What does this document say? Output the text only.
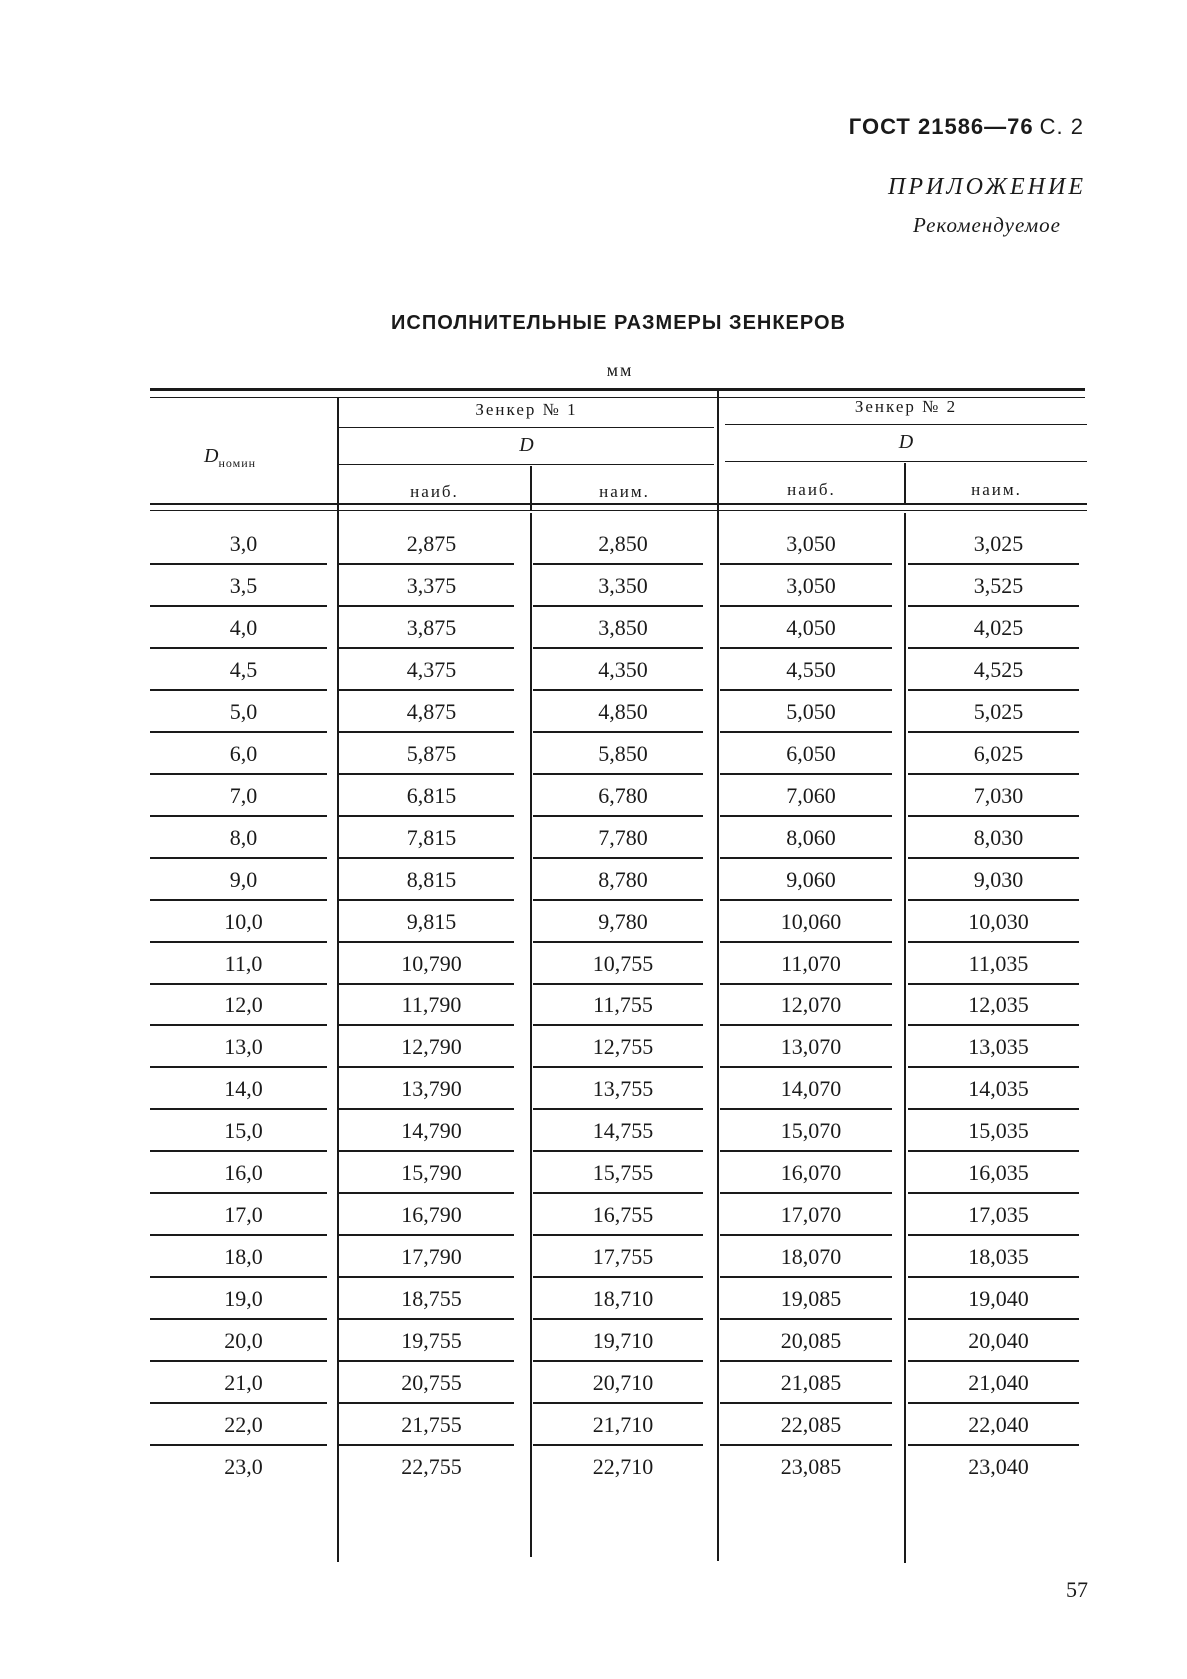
ГОСТ 21586—76 С. 2
ПРИЛОЖЕНИЕ
Рекомендуемое
ИСПОЛНИТЕЛЬНЫЕ РАЗМЕРЫ ЗЕНКЕРОВ
мм
$D_{номин}$
Зенкер № 1	Зенкер № 2
D	D
наиб.	наим.	наиб.	наим.
3,0	2,875	2,850	3,050	3,025
3,5	3,375	3,350	3,050	3,525
4,0	3,875	3,850	4,050	4,025
4,5	4,375	4,350	4,550	4,525
5,0	4,875	4,850	5,050	5,025
6,0	5,875	5,850	6,050	6,025
7,0	6,815	6,780	7,060	7,030
8,0	7,815	7,780	8,060	8,030
9,0	8,815	8,780	9,060	9,030
10,0	9,815	9,780	10,060	10,030
11,0	10,790	10,755	11,070	11,035
12,0	11,790	11,755	12,070	12,035
13,0	12,790	12,755	13,070	13,035
14,0	13,790	13,755	14,070	14,035
15,0	14,790	14,755	15,070	15,035
16,0	15,790	15,755	16,070	16,035
17,0	16,790	16,755	17,070	17,035
18,0	17,790	17,755	18,070	18,035
19,0	18,755	18,710	19,085	19,040
20,0	19,755	19,710	20,085	20,040
21,0	20,755	20,710	21,085	21,040
22,0	21,755	21,710	22,085	22,040
23,0	22,755	22,710	23,085	23,040
57
